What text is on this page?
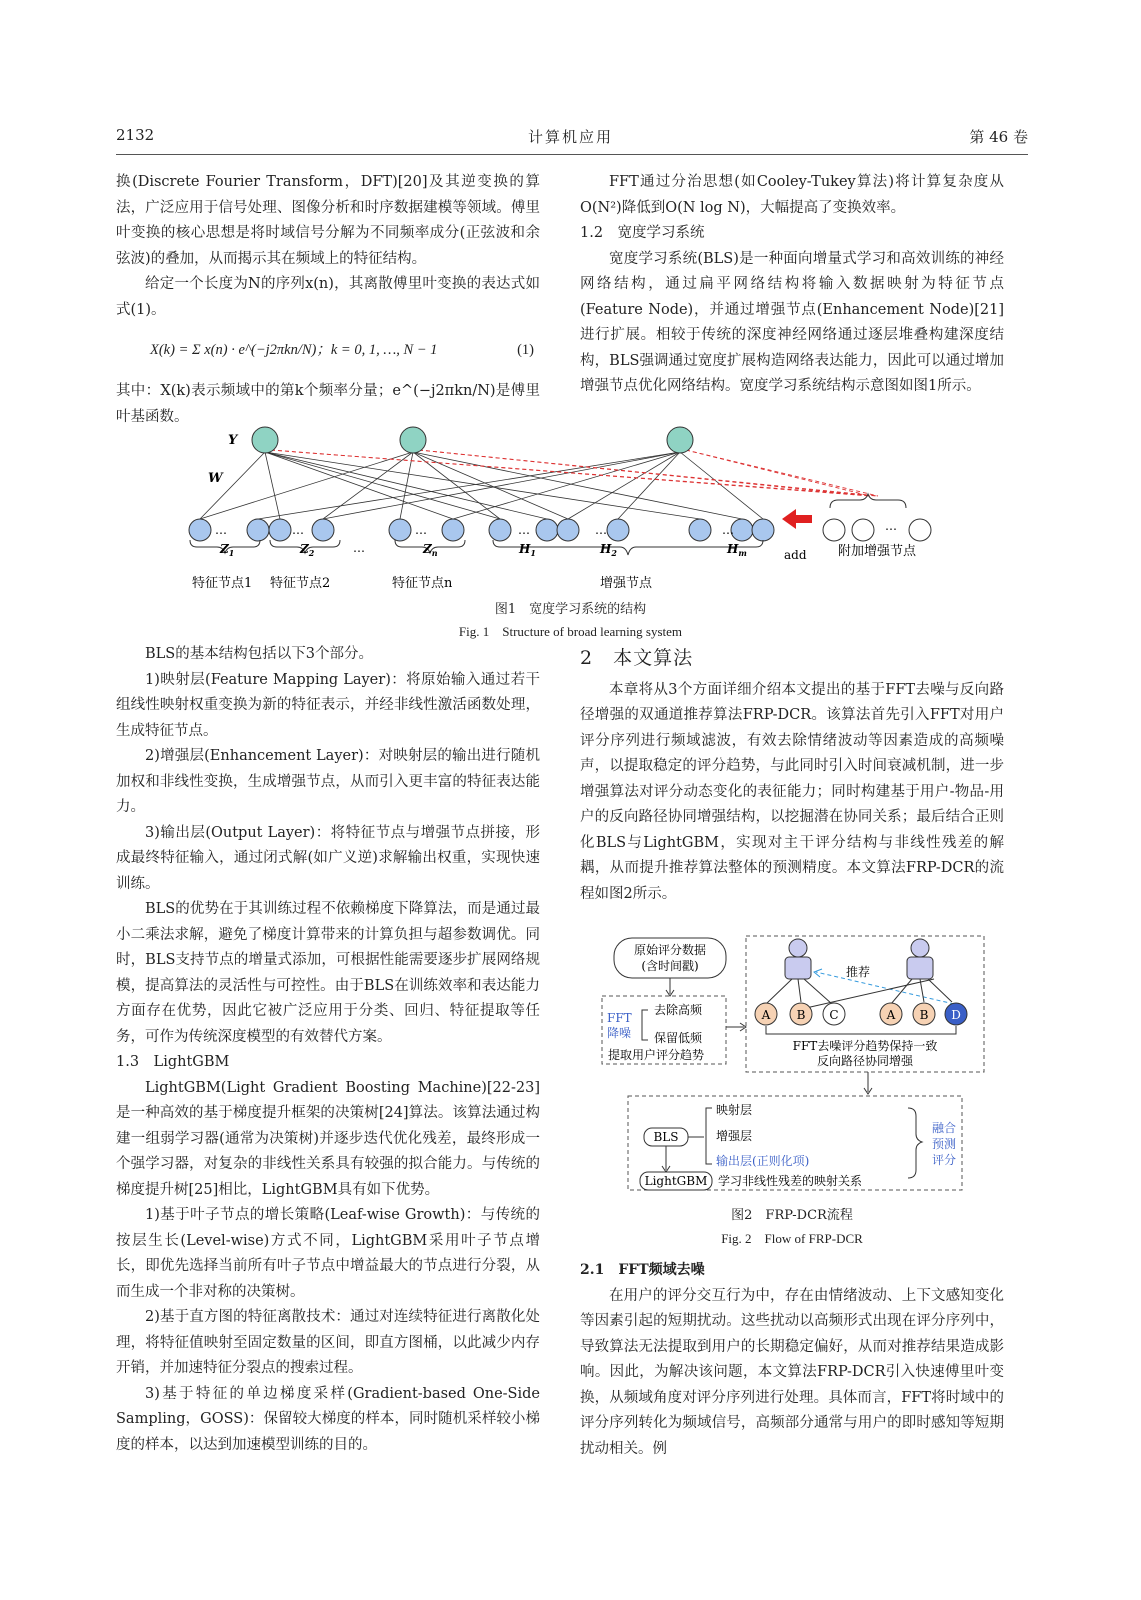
2132	计算机应用	第 46 卷

换(Discrete Fourier Transform，DFT)[20]及其逆变换的算法，广泛应用于信号处理、图像分析和时序数据建模等领域。傅里叶变换的核心思想是将时域信号分解为不同频率成分(正弦波和余弦波)的叠加，从而揭示其在频域上的特征结构。

给定一个长度为N的序列x(n)，其离散傅里叶变换的表达式如式(1)。

X(k) = Σ x(n) · e^(−j2πkn/N)；k = 0, 1, …, N − 1	(1)

其中：X(k)表示频域中的第k个频率分量；e^(−j2πkn/N)是傅里叶基函数。

FFT通过分治思想(如Cooley-Tukey算法)将计算复杂度从O(N²)降低到O(N log N)，大幅提高了变换效率。

1.2　宽度学习系统

宽度学习系统(BLS)是一种面向增量式学习和高效训练的神经网络结构，通过扁平网络结构将输入数据映射为特征节点(Feature Node)，并通过增强节点(Enhancement Node)[21]进行扩展。相较于传统的深度神经网络通过逐层堆叠构建深度结构，BLS强调通过宽度扩展构造网络表达能力，因此可以通过增加增强节点优化网络结构。宽度学习系统结构示意图如图1所示。

Y
W
…	…	…	…	…	…	…
…	add
$Z_1$	$Z_2$	$Z_n$	$H_1$	$H_2$	$H_m$
特征节点1 特征节点2	特征节点n	增强节点
附加增强节点
图1　宽度学习系统的结构
Fig. 1　Structure of broad learning system

BLS的基本结构包括以下3个部分。

1)映射层(Feature Mapping Layer)：将原始输入通过若干组线性映射权重变换为新的特征表示，并经非线性激活函数处理，生成特征节点。

2)增强层(Enhancement Layer)：对映射层的输出进行随机加权和非线性变换，生成增强节点，从而引入更丰富的特征表达能力。

3)输出层(Output Layer)：将特征节点与增强节点拼接，形成最终特征输入，通过闭式解(如广义逆)求解输出权重，实现快速训练。

BLS的优势在于其训练过程不依赖梯度下降算法，而是通过最小二乘法求解，避免了梯度计算带来的计算负担与超参数调优。同时，BLS支持节点的增量式添加，可根据性能需要逐步扩展网络规模，提高算法的灵活性与可控性。由于BLS在训练效率和表达能力方面存在优势，因此它被广泛应用于分类、回归、特征提取等任务，可作为传统深度模型的有效替代方案。

1.3　LightGBM

LightGBM(Light Gradient Boosting Machine)[22-23]是一种高效的基于梯度提升框架的决策树[24]算法。该算法通过构建一组弱学习器(通常为决策树)并逐步迭代优化残差，最终形成一个强学习器，对复杂的非线性关系具有较强的拟合能力。与传统的梯度提升树[25]相比，LightGBM具有如下优势。

1)基于叶子节点的增长策略(Leaf-wise Growth)：与传统的按层生长(Level-wise)方式不同，LightGBM采用叶子节点增长，即优先选择当前所有叶子节点中增益最大的节点进行分裂，从而生成一个非对称的决策树。

2)基于直方图的特征离散技术：通过对连续特征进行离散化处理，将特征值映射至固定数量的区间，即直方图桶，以此减少内存开销，并加速特征分裂点的搜索过程。

3)基于特征的单边梯度采样(Gradient-based One-Side Sampling，GOSS)：保留较大梯度的样本，同时随机采样较小梯度的样本，以达到加速模型训练的目的。

2　本文算法

本章将从3个方面详细介绍本文提出的基于FFT去噪与反向路径增强的双通道推荐算法FRP-DCR。该算法首先引入FFT对用户评分序列进行频域滤波，有效去除情绪波动等因素造成的高频噪声，以提取稳定的评分趋势，与此同时引入时间衰减机制，进一步增强算法对评分动态变化的表征能力；同时构建基于用户-物品-用户的反向路径协同增强结构，以挖掘潜在协同关系；最后结合正则化BLS与LightGBM，实现对主干评分结构与非线性残差的解耦，从而提升推荐算法整体的预测精度。本文算法FRP-DCR的流程如图2所示。

原始评分数据
(含时间戳)
FFT
降噪
去除高频
保留低频
提取用户评分趋势
推荐
A B C	A B D
FFT去噪评分趋势保持一致
反向路径协同增强
BLS
映射层
增强层
输出层(正则化项)
LightGBM 学习非线性残差的映射关系
融合
预测
评分
图2　FRP-DCR流程
Fig. 2　Flow of FRP-DCR
2.1　FFT频域去噪

在用户的评分交互行为中，存在由情绪波动、上下文感知变化等因素引起的短期扰动。这些扰动以高频形式出现在评分序列中，导致算法无法提取到用户的长期稳定偏好，从而对推荐结果造成影响。因此，为解决该问题，本文算法FRP-DCR引入快速傅里叶变换，从频域角度对评分序列进行处理。具体而言，FFT将时域中的评分序列转化为频域信号，高频部分通常与用户的即时感知等短期扰动相关。例
